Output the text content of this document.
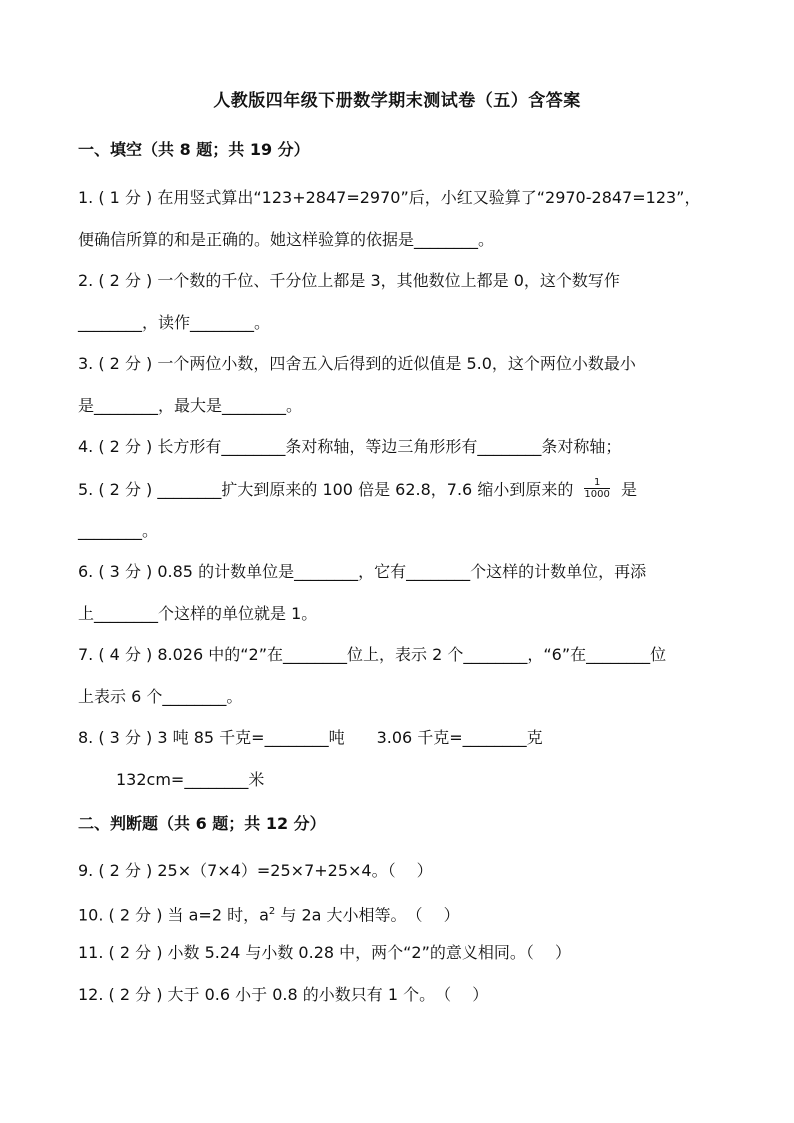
人教版四年级下册数学期末测试卷（五）含答案
一、填空（共 8 题；共 19 分）
1. ( 1 分 ) 在用竖式算出“123+2847=2970”后，小红又验算了“2970-2847=123”，
便确信所算的和是正确的。她这样验算的依据是________。
2. ( 2 分 ) 一个数的千位、千分位上都是 3，其他数位上都是 0，这个数写作
________，读作________。
3. ( 2 分 ) 一个两位小数，四舍五入后得到的近似值是 5.0，这个两位小数最小
是________，最大是________。
4. ( 2 分 ) 长方形有________条对称轴，等边三角形形有________条对称轴；
5. ( 2 分 ) ________扩大到原来的 100 倍是 62.8，7.6 缩小到原来的 $\frac{1}{1000}$ 是
________。
6. ( 3 分 ) 0.85 的计数单位是________，它有________个这样的计数单位，再添
上________个这样的单位就是 1。
7. ( 4 分 ) 8.026 中的“2”在________位上，表示 2 个________，“6”在________位
上表示 6 个________。
8. ( 3 分 ) 3 吨 85 千克=________吨　　3.06 千克=________克
132cm=________米
二、判断题（共 6 题；共 12 分）
9. ( 2 分 ) 25×（7×4）=25×7+25×4。（　 ）
10. ( 2 分 ) 当 a=2 时，$a^2$ 与 2a 大小相等。　（　 ）
11. ( 2 分 ) 小数 5.24 与小数 0.28 中，两个“2”的意义相同。（　 ）
12. ( 2 分 ) 大于 0.6 小于 0.8 的小数只有 1 个。　（　 ）
